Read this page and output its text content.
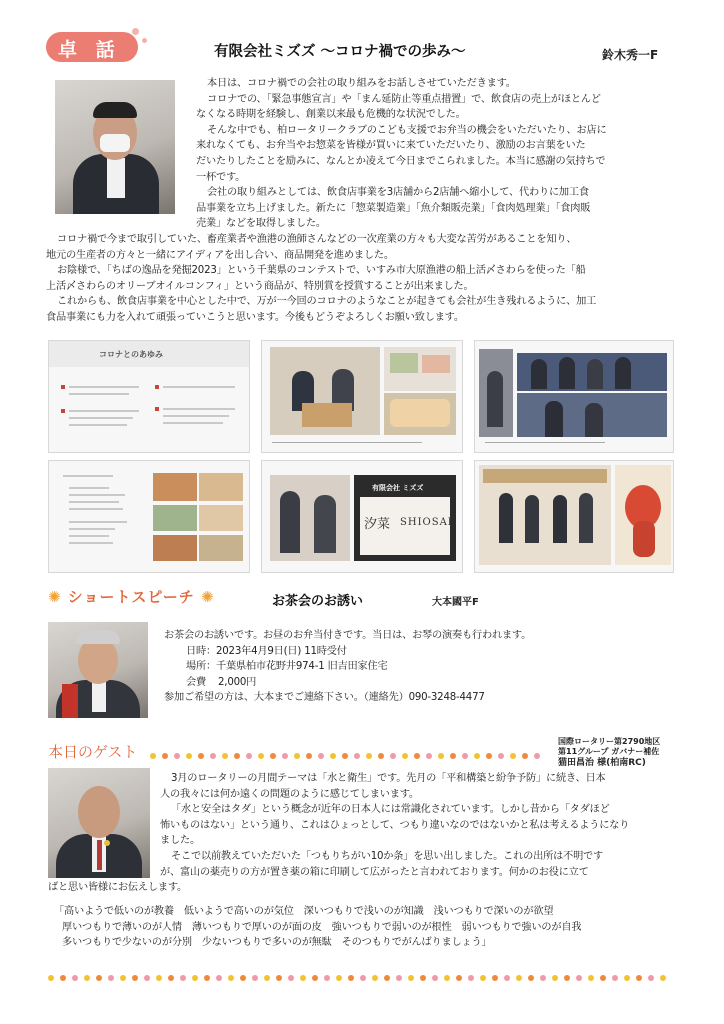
卓 話	有限会社ミズズ ～コロナ禍での歩み～	鈴木秀一F

本日は、コロナ禍での会社の取り組みをお話しさせていただきます。

コロナでの、「緊急事態宣言」や「まん延防止等重点措置」で、飲食店の売上がほとんど

なくなる時期を経験し、創業以来最も危機的な状況でした。

そんな中でも、柏ロータリークラブのこども支援でお弁当の機会をいただいたり、お店に

来れなくても、お弁当やお惣菜を皆様が買いに来ていただいたり、激励のお言葉をいた

だいたりしたことを励みに、なんとか凌えて今日までこられました。本当に感謝の気持ちで

一杯です。

会社の取り組みとしては、飲食店事業を3店舗から2店舗へ縮小して、代わりに加工食

品事業を立ち上げました。新たに「惣菜製造業」「魚介類販売業」「食肉処理業」「食肉販

売業」などを取得しました。

コロナ禍で今まで取引していた、畜産業者や漁港の漁師さんなどの一次産業の方々も大変な苦労があることを知り、

地元の生産者の方々と一緒にアイディアを出し合い、商品開発を進めました。

お陰様で、「ちばの逸品を発掘2023」という千葉県のコンテストで、いすみ市大原漁港の船上活〆さわらを使った「船

上活〆さわらのオリーブオイルコンフィ」という商品が、特別賞を授賞することが出来ました。

これからも、飲食店事業を中心とした中で、万が一今回のコロナのようなことが起きても会社が生き残れるように、加工

食品事業にも力を入れて頑張っていこうと思います。今後もどうぞよろしくお願い致します。

コロナとのあゆみ
有限会社 ミズズ
汐菜 SHIOSAI
✺ ショートスピーチ ✺	お茶会のお誘い	大本國平F

お茶会のお誘いです。お昼のお弁当付きです。当日は、お琴の演奏も行われます。

日時：2023年4月9日(日) 11時受付

場所：千葉県柏市花野井974-1 旧吉田家住宅

会費 2,000円

参加ご希望の方は、大本までご連絡下さい。（連絡先）090-3248-4477

本日のゲスト
国際ロータリー第2790地区
第11グループ ガバナー補佐
猫田昌治 様(柏南RC)

3月のロータリーの月間テーマは「水と衛生」です。先月の「平和構築と紛争予防」に続き、日本

人の我々には何か遠くの問題のように感じてしまいます。

「水と安全はタダ」という概念が近年の日本人には常識化されています。しかし昔から「タダほど

怖いものはない」という通り、これはひょっとして、つもり違いなのではないかと私は考えるようになり

ました。

そこで以前教えていただいた「つもりちがい10か条」を思い出しました。これの出所は不明です

が、富山の薬売りの方が置き薬の箱に印刷して広がったと言われております。何かのお役に立て

ばと思い皆様にお伝えします。

「高いようで低いのが教養　低いようで高いのが気位　深いつもりで浅いのが知識　浅いつもりで深いのが欲望

厚いつもりで薄いのが人情　薄いつもりで厚いのが面の皮　強いつもりで弱いのが根性　弱いつもりで強いのが自我

多いつもりで少ないのが分別　少ないつもりで多いのが無駄　そのつもりでがんばりましょう」
